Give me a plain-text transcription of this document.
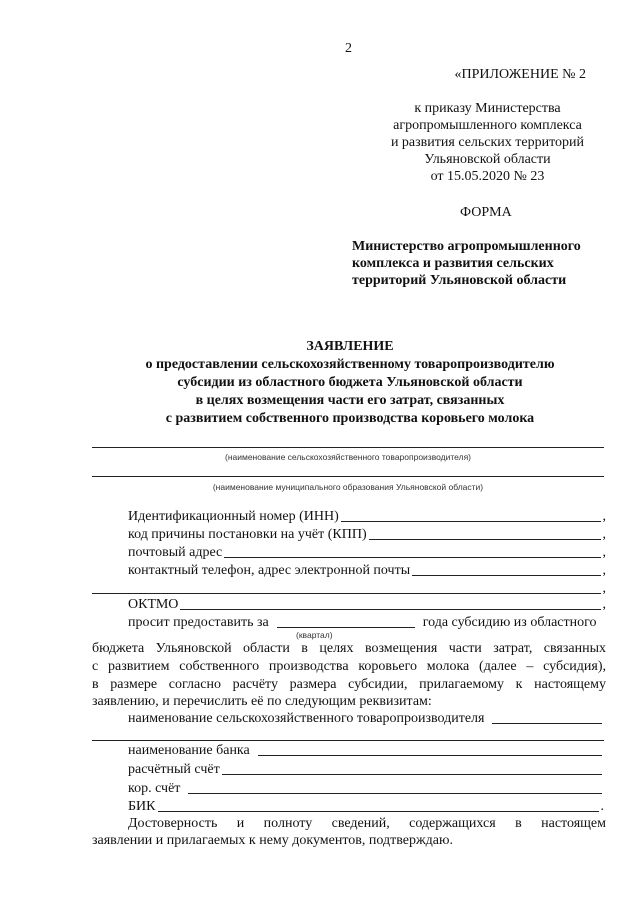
2
«ПРИЛОЖЕНИЕ № 2
к приказу Министерства
агропромышленного комплекса
и развития сельских территорий
Ульяновской области
от 15.05.2020 № 23
ФОРМА
Министерство агропромышленного
комплекса и развития сельских
территорий Ульяновской области
ЗАЯВЛЕНИЕ
о предоставлении сельскохозяйственному товаропроизводителю
субсидии из областного бюджета Ульяновской области
в целях возмещения части его затрат, связанных
с развитием собственного производства коровьего молока
(наименование сельскохозяйственного товаропроизводителя)
(наименование муниципального образования Ульяновской области)
Идентификационный номер (ИНН)	,
код причины постановки на учёт (КПП)	,
почтовый адрес	,
контактный телефон, адрес электронной почты	,
,
ОКТМО	,
просит предоставить за	года субсидию из областного
(квартал)
бюджета Ульяновской области в целях возмещения части затрат, связанных
с развитием собственного производства коровьего молока (далее – субсидия),
в размере согласно расчёту размера субсидии, прилагаемому к настоящему
заявлению, и перечислить её по следующим реквизитам:
наименование сельскохозяйственного товаропроизводителя
наименование банка
расчётный счёт
кор. счёт
БИК	.
Достоверность и полноту сведений, содержащихся в настоящем
заявлении и прилагаемых к нему документов, подтверждаю.
